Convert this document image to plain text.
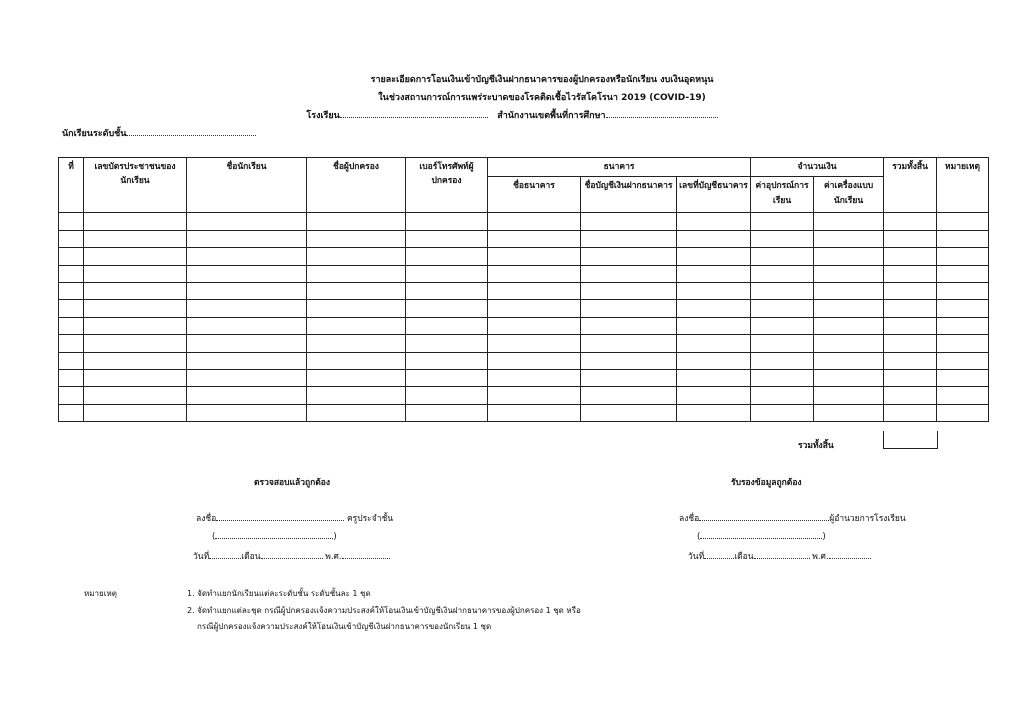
รายละเอียดการโอนเงินเข้าบัญชีเงินฝากธนาคารของผู้ปกครองหรือนักเรียน งบเงินอุดหนุน
ในช่วงสถานการณ์การแพร่ระบาดของโรคติดเชื้อไวรัสโคโรนา 2019 (COVID-19)
โรงเรียน	สำนักงานเขตพื้นที่การศึกษา
นักเรียนระดับชั้น
ที่	เลขบัตรประชาชนของนักเรียน	ชื่อนักเรียน	ชื่อผู้ปกครอง	เบอร์โทรศัพท์ผู้ปกครอง	ธนาคาร			จำนวนเงิน		รวมทั้งสิ้น	หมายเหตุ
					ชื่อธนาคาร	ชื่อบัญชีเงินฝากธนาคาร	เลขที่บัญชีธนาคาร	ค่าอุปกรณ์การเรียน	ค่าเครื่องแบบนักเรียน		

รวมทั้งสิ้น
ตรวจสอบแล้วถูกต้อง
ลงชื่อ	ครูประจำชั้น
(	)
วันที่	เดือน	พ.ศ.
รับรองข้อมูลถูกต้อง
ลงชื่อ	ผู้อำนวยการโรงเรียน
(	)
วันที่	เดือน	พ.ศ.
หมายเหตุ	1. จัดทำแยกนักเรียนแต่ละระดับชั้น ระดับชั้นละ 1 ชุด
2. จัดทำแยกแต่ละชุด กรณีผู้ปกครองแจ้งความประสงค์ให้โอนเงินเข้าบัญชีเงินฝากธนาคารของผู้ปกครอง 1 ชุด หรือ
กรณีผู้ปกครองแจ้งความประสงค์ให้โอนเงินเข้าบัญชีเงินฝากธนาคารของนักเรียน 1 ชุด
